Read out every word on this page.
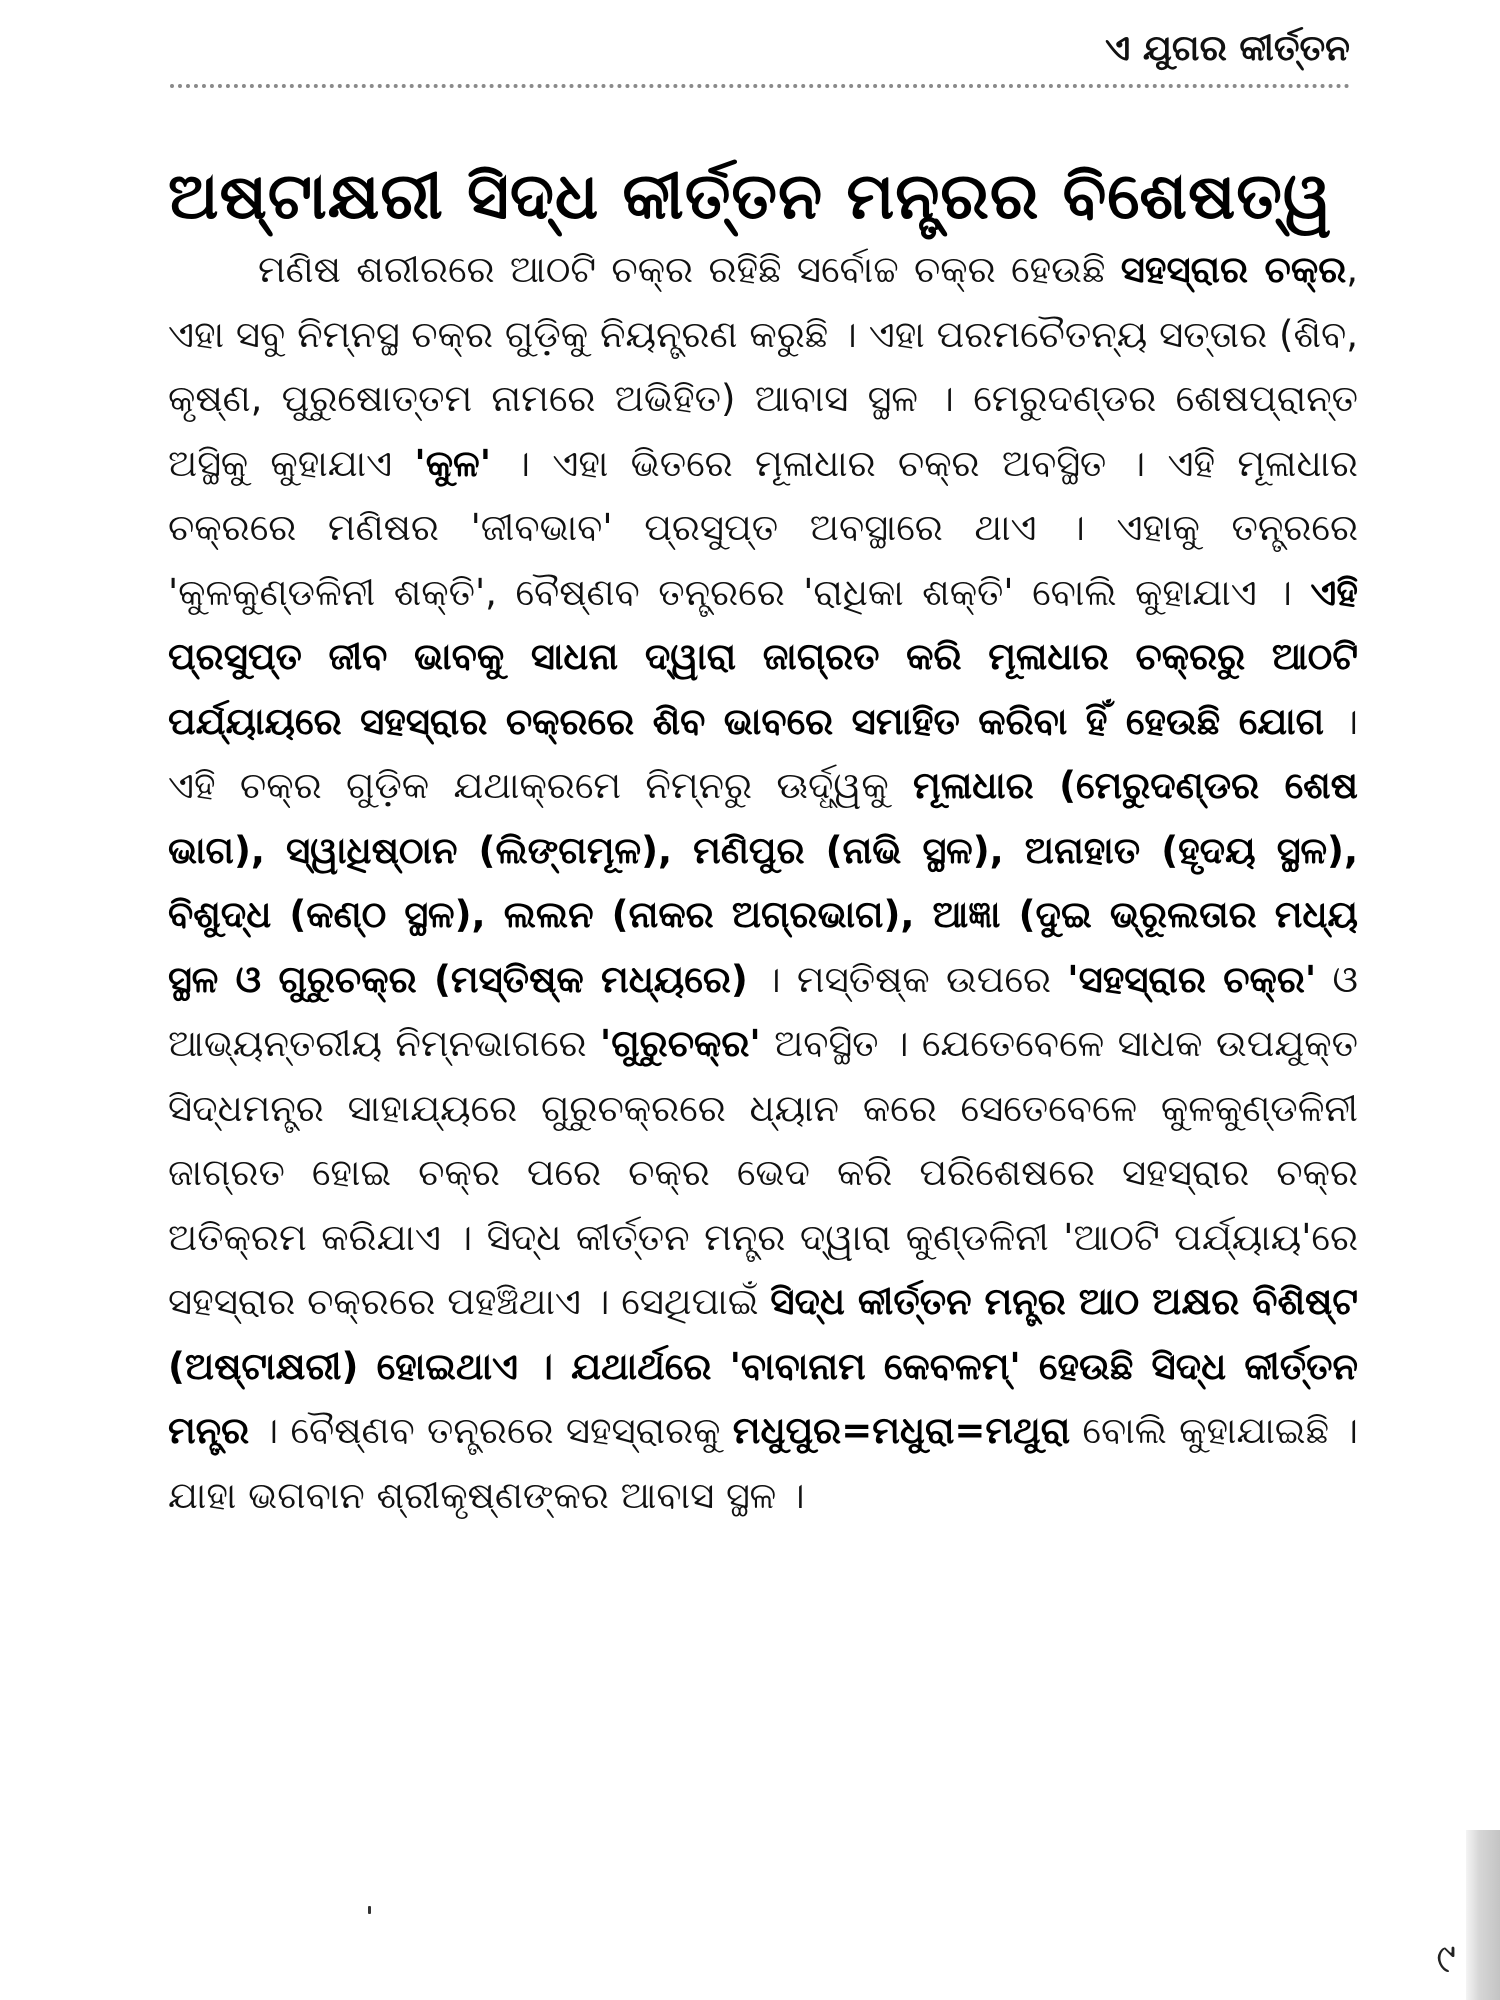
ଏ ଯୁଗର କୀର୍ତ୍ତନ
ଅଷ୍ଟାକ୍ଷରୀ ସିଦ୍ଧ କୀର୍ତ୍ତନ ମନ୍ତ୍ରର ବିଶେଷତ୍ୱ

ମଣିଷ ଶରୀରରେ ଆଠଟି ଚକ୍ର ରହିଛି ସର୍ବୋଚ୍ଚ ଚକ୍ର ହେଉଛି ସହସ୍ରାର ଚକ୍ର, ଏହା ସବୁ ନିମ୍ନସ୍ଥ ଚକ୍ର ଗୁଡ଼ିକୁ ନିୟନ୍ତ୍ରଣ କରୁଛି । ଏହା ପରମଚୈତନ୍ୟ ସତ୍ତାର (ଶିବ, କୃଷ୍ଣ, ପୁରୁଷୋତ୍ତମ ନାମରେ ଅଭିହିତ) ଆବାସ ସ୍ଥଳ । ମେରୁଦଣ୍ଡର ଶେଷପ୍ରାନ୍ତ ଅସ୍ଥିକୁ କୁହାଯାଏ 'କୁଳ' । ଏହା ଭିତରେ ମୂଳାଧାର ଚକ୍ର ଅବସ୍ଥିତ । ଏହି ମୂଳାଧାର ଚକ୍ରରେ ମଣିଷର 'ଜୀବଭାବ' ପ୍ରସୁପ୍ତ ଅବସ୍ଥାରେ ଥାଏ । ଏହାକୁ ତନ୍ତ୍ରରେ 'କୁଳକୁଣ୍ଡଳିନୀ ଶକ୍ତି', ବୈଷ୍ଣବ ତନ୍ତ୍ରରେ 'ରାଧିକା ଶକ୍ତି' ବୋଲି କୁହାଯାଏ । ଏହି ପ୍ରସୁପ୍ତ ଜୀବ ଭାବକୁ ସାଧନା ଦ୍ୱାରା ଜାଗ୍ରତ କରି ମୂଳାଧାର ଚକ୍ରରୁ ଆଠଟି ପର୍ଯ୍ୟାୟରେ ସହସ୍ରାର ଚକ୍ରରେ ଶିବ ଭାବରେ ସମାହିତ କରିବା ହିଁ ହେଉଛି ଯୋଗ । ଏହି ଚକ୍ର ଗୁଡ଼ିକ ଯଥାକ୍ରମେ ନିମ୍ନରୁ ଊର୍ଦ୍ଧ୍ୱକୁ ମୂଳାଧାର (ମେରୁଦଣ୍ଡର ଶେଷ ଭାଗ), ସ୍ୱାଧିଷ୍ଠାନ (ଲିଙ୍ଗମୂଳ), ମଣିପୁର (ନାଭି ସ୍ଥଳ), ଅନାହାତ (ହୃଦୟ ସ୍ଥଳ), ବିଶୁଦ୍ଧ (କଣ୍ଠ ସ୍ଥଳ), ଲଲନ (ନାକର ଅଗ୍ରଭାଗ), ଆଜ୍ଞା (ଦୁଇ ଭ୍ରୂଲତାର ମଧ୍ୟ ସ୍ଥଳ ଓ ଗୁରୁଚକ୍ର (ମସ୍ତିଷ୍କ ମଧ୍ୟରେ) । ମସ୍ତିଷ୍କ ଉପରେ 'ସହସ୍ରାର ଚକ୍ର' ଓ ଆଭ୍ୟନ୍ତରୀୟ ନିମ୍ନଭାଗରେ 'ଗୁରୁଚକ୍ର' ଅବସ୍ଥିତ । ଯେତେବେଳେ ସାଧକ ଉପଯୁକ୍ତ ସିଦ୍ଧମନ୍ତ୍ର ସାହାଯ୍ୟରେ ଗୁରୁଚକ୍ରରେ ଧ୍ୟାନ କରେ ସେତେବେଳେ କୁଳକୁଣ୍ଡଳିନୀ ଜାଗ୍ରତ ହୋଇ ଚକ୍ର ପରେ ଚକ୍ର ଭେଦ କରି ପରିଶେଷରେ ସହସ୍ରାର ଚକ୍ର ଅତିକ୍ରମ କରିଯାଏ । ସିଦ୍ଧ କୀର୍ତ୍ତନ ମନ୍ତ୍ର ଦ୍ୱାରା କୁଣ୍ଡଳିନୀ 'ଆଠଟି ପର୍ଯ୍ୟାୟ'ରେ ସହସ୍ରାର ଚକ୍ରରେ ପହଞ୍ଚିଥାଏ । ସେଥିପାଇଁ ସିଦ୍ଧ କୀର୍ତ୍ତନ ମନ୍ତ୍ର ଆଠ ଅକ୍ଷର ବିଶିଷ୍ଟ (ଅଷ୍ଟାକ୍ଷରୀ) ହୋଇଥାଏ । ଯଥାର୍ଥରେ 'ବାବାନାମ କେବଳମ୍' ହେଉଛି ସିଦ୍ଧ କୀର୍ତ୍ତନ ମନ୍ତ୍ର । ବୈଷ୍ଣବ ତନ୍ତ୍ରରେ ସହସ୍ରାରକୁ ମଧୁପୁର=ମଧୁରା=ମଥୁରା ବୋଲି କୁହାଯାଇଛି । ଯାହା ଭଗବାନ ଶ୍ରୀକୃଷ୍ଣଙ୍କର ଆବାସ ସ୍ଥଳ ।

୯
